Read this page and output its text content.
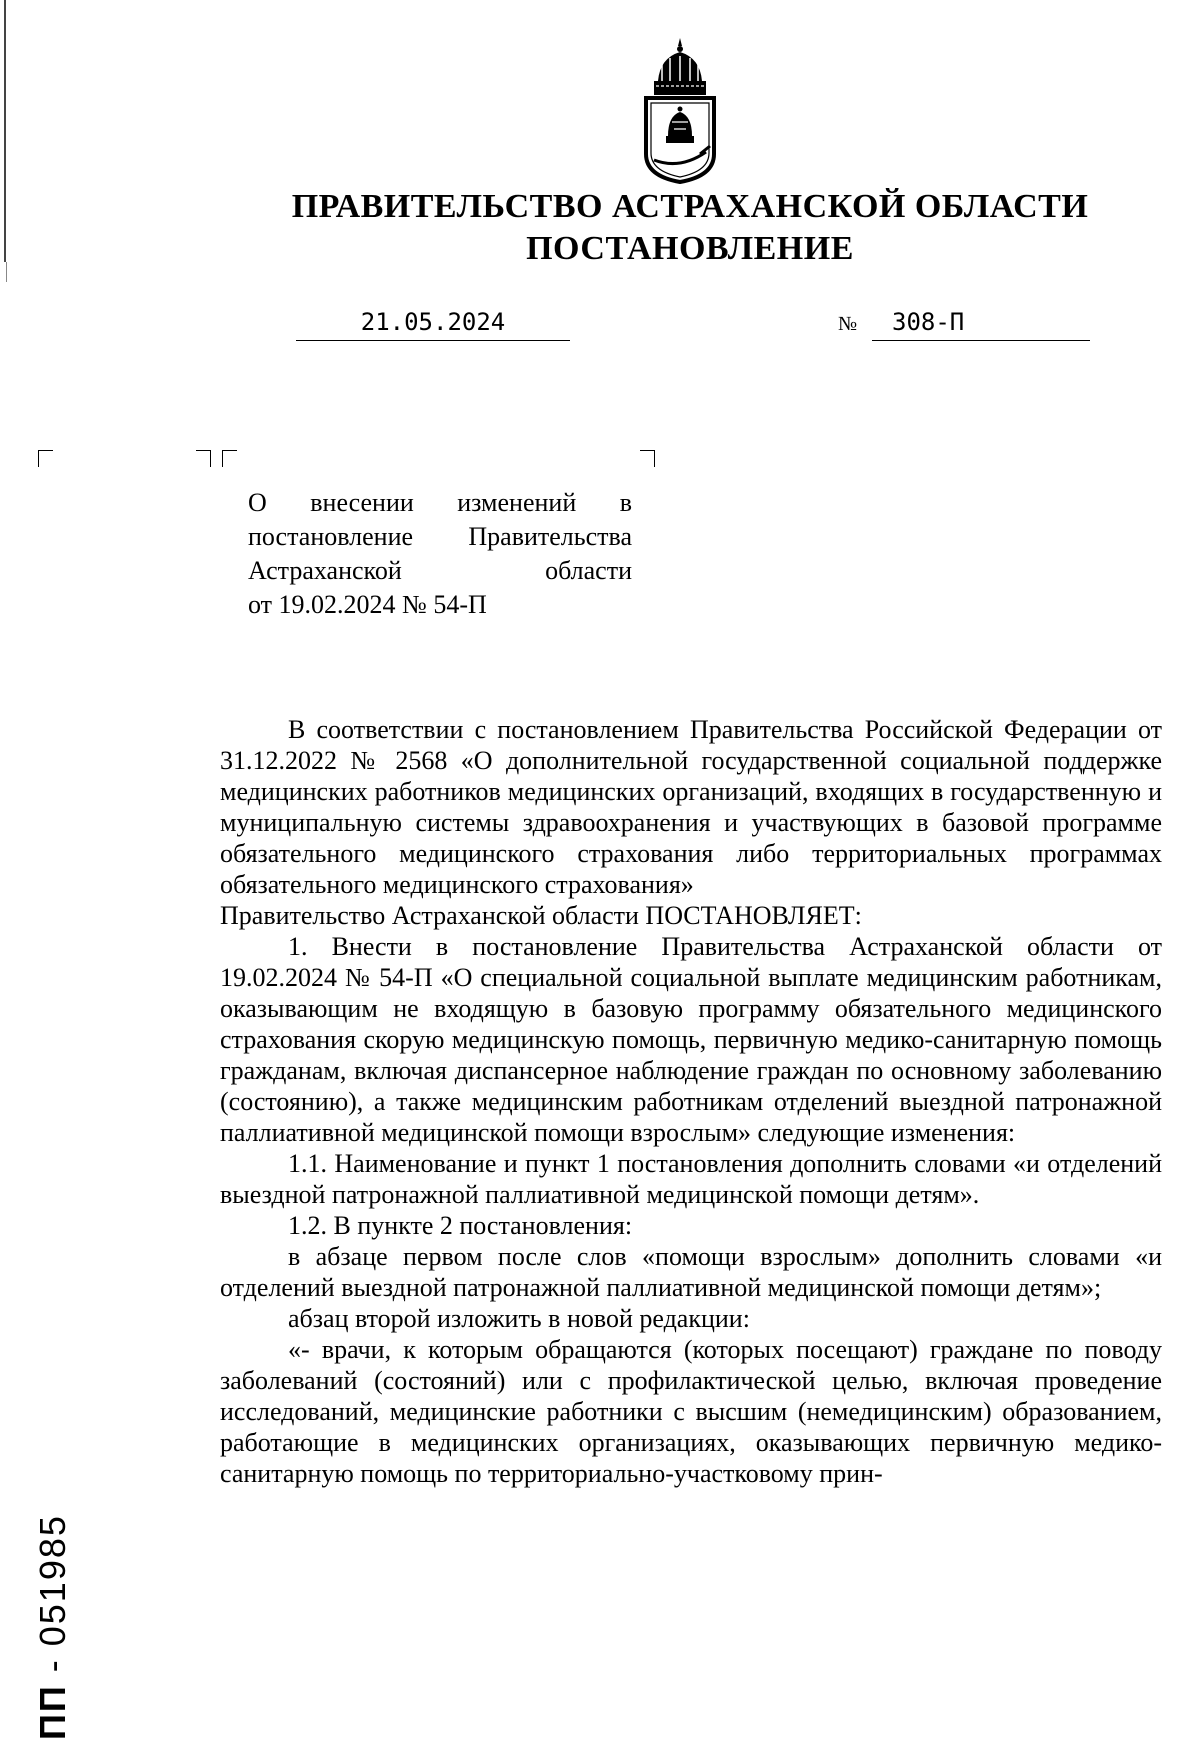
ПРАВИТЕЛЬСТВО АСТРАХАНСКОЙ ОБЛАСТИ
ПОСТАНОВЛЕНИЕ
21.05.2024	№	308-П
О внесении изменений в
постановление Правительства
Астраханской области
от 19.02.2024 № 54-П

В соответствии с постановлением Правительства Российской Федерации от 31.12.2022 № 2568 «О дополнительной государственной социальной поддержке медицинских работников медицинских организаций, входящих в государственную и муниципальную системы здравоохранения и участвующих в базовой программе обязательного медицинского страхования либо территориальных программах обязательного медицинского страхования»

Правительство Астраханской области ПОСТАНОВЛЯЕТ:

1. Внести в постановление Правительства Астраханской области от 19.02.2024 № 54-П «О специальной социальной выплате медицинским работникам, оказывающим не входящую в базовую программу обязательного медицинского страхования скорую медицинскую помощь, первичную медико-санитарную помощь гражданам, включая диспансерное наблюдение граждан по основному заболеванию (состоянию), а также медицинским работникам отделений выездной патронажной паллиативной медицинской помощи взрослым» следующие изменения:

1.1. Наименование и пункт 1 постановления дополнить словами «и отделений выездной патронажной паллиативной медицинской помощи детям».

1.2. В пункте 2 постановления:

в абзаце первом после слов «помощи взрослым» дополнить словами «и отделений выездной патронажной паллиативной медицинской помощи детям»;

абзац второй изложить в новой редакции:

«- врачи, к которым обращаются (которых посещают) граждане по поводу заболеваний (состояний) или с профилактической целью, включая проведение исследований, медицинские работники с высшим (немедицинским) образованием, работающие в медицинских организациях, оказывающих первичную медико-санитарную помощь по территориально-участковому прин-

ПП - 051985
